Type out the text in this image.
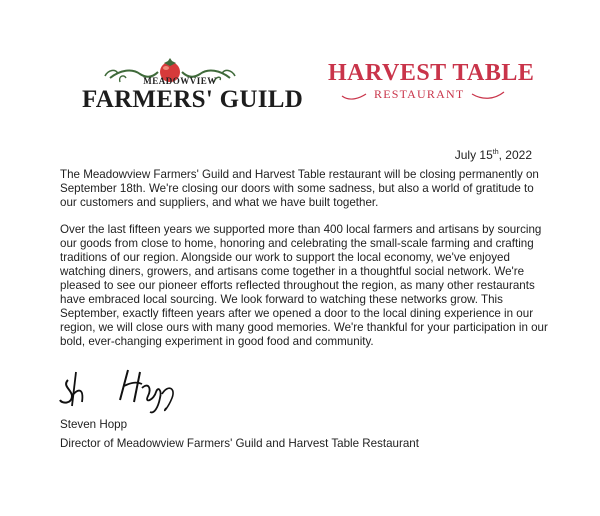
MEADOWVIEW
FARMERS' GUILD
HARVEST TABLE
RESTAURANT
July 15th, 2022
The Meadowview Farmers' Guild and Harvest Table restaurant will be closing permanently on September 18th. We're closing our doors with some sadness, but also a world of gratitude to our customers and suppliers, and what we have built together.
Over the last fifteen years we supported more than 400 local farmers and artisans by sourcing our goods from close to home, honoring and celebrating the small-scale farming and crafting traditions of our region. Alongside our work to support the local economy, we've enjoyed watching diners, growers, and artisans come together in a thoughtful social network. We're pleased to see our pioneer efforts reflected throughout the region, as many other restaurants have embraced local sourcing. We look forward to watching these networks grow. This September, exactly fifteen years after we opened a door to the local dining experience in our region, we will close ours with many good memories. We're thankful for your participation in our bold, ever-changing experiment in good food and community.
Steven Hopp
Director of Meadowview Farmers' Guild and Harvest Table Restaurant
